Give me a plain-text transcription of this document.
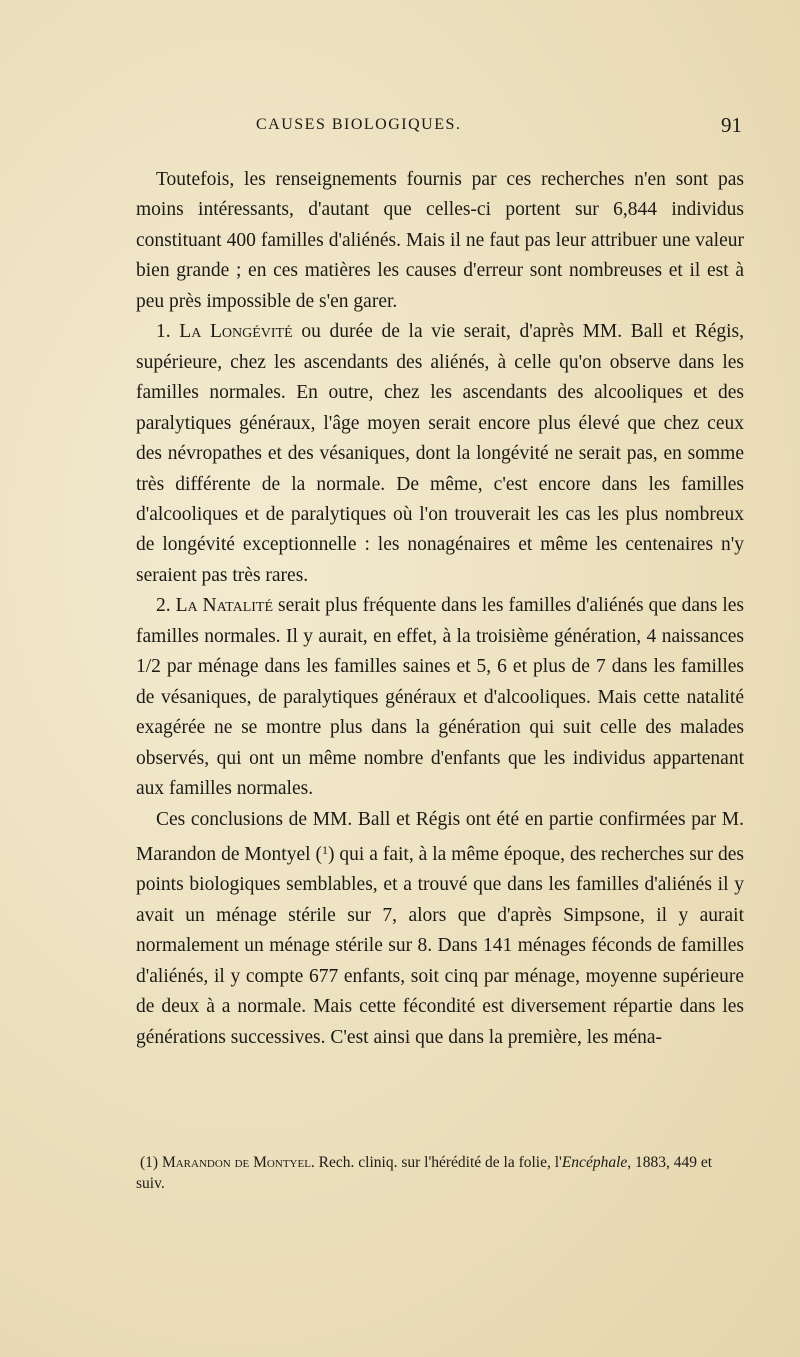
CAUSES BIOLOGIQUES.	91

Toutefois, les renseignements fournis par ces recherches n'en sont pas moins intéressants, d'autant que celles-ci portent sur 6,844 individus constituant 400 familles d'aliénés. Mais il ne faut pas leur attribuer une valeur bien grande ; en ces matières les causes d'erreur sont nombreuses et il est à peu près impossible de s'en garer.

1. La Longévité ou durée de la vie serait, d'après MM. Ball et Régis, supérieure, chez les ascendants des aliénés, à celle qu'on observe dans les familles normales. En outre, chez les ascendants des alcooliques et des paralytiques généraux, l'âge moyen serait encore plus élevé que chez ceux des névropathes et des vésaniques, dont la longévité ne serait pas, en somme très différente de la normale. De même, c'est encore dans les familles d'alcooliques et de paralytiques où l'on trouverait les cas les plus nombreux de longévité exceptionnelle : les nonagénaires et même les centenaires n'y seraient pas très rares.

2. La Natalité serait plus fréquente dans les familles d'aliénés que dans les familles normales. Il y aurait, en effet, à la troisième génération, 4 naissances 1/2 par ménage dans les familles saines et 5, 6 et plus de 7 dans les familles de vésaniques, de paralytiques généraux et d'alcooliques. Mais cette natalité exagérée ne se montre plus dans la génération qui suit celle des malades observés, qui ont un même nombre d'enfants que les individus appartenant aux familles normales.

Ces conclusions de MM. Ball et Régis ont été en partie confirmées par M. Marandon de Montyel ($^1$) qui a fait, à la même époque, des recherches sur des points biologiques semblables, et a trouvé que dans les familles d'aliénés il y avait un ménage stérile sur 7, alors que d'après Simpsone, il y aurait normalement un ménage stérile sur 8. Dans 141 ménages féconds de familles d'aliénés, il y compte 677 enfants, soit cinq par ménage, moyenne supérieure de deux à a normale. Mais cette fécondité est diversement répartie dans les générations successives. C'est ainsi que dans la première, les ména-

(1) Marandon de Montyel. Rech. cliniq. sur l'hérédité de la folie, l'Encéphale, 1883, 449 et suiv.
